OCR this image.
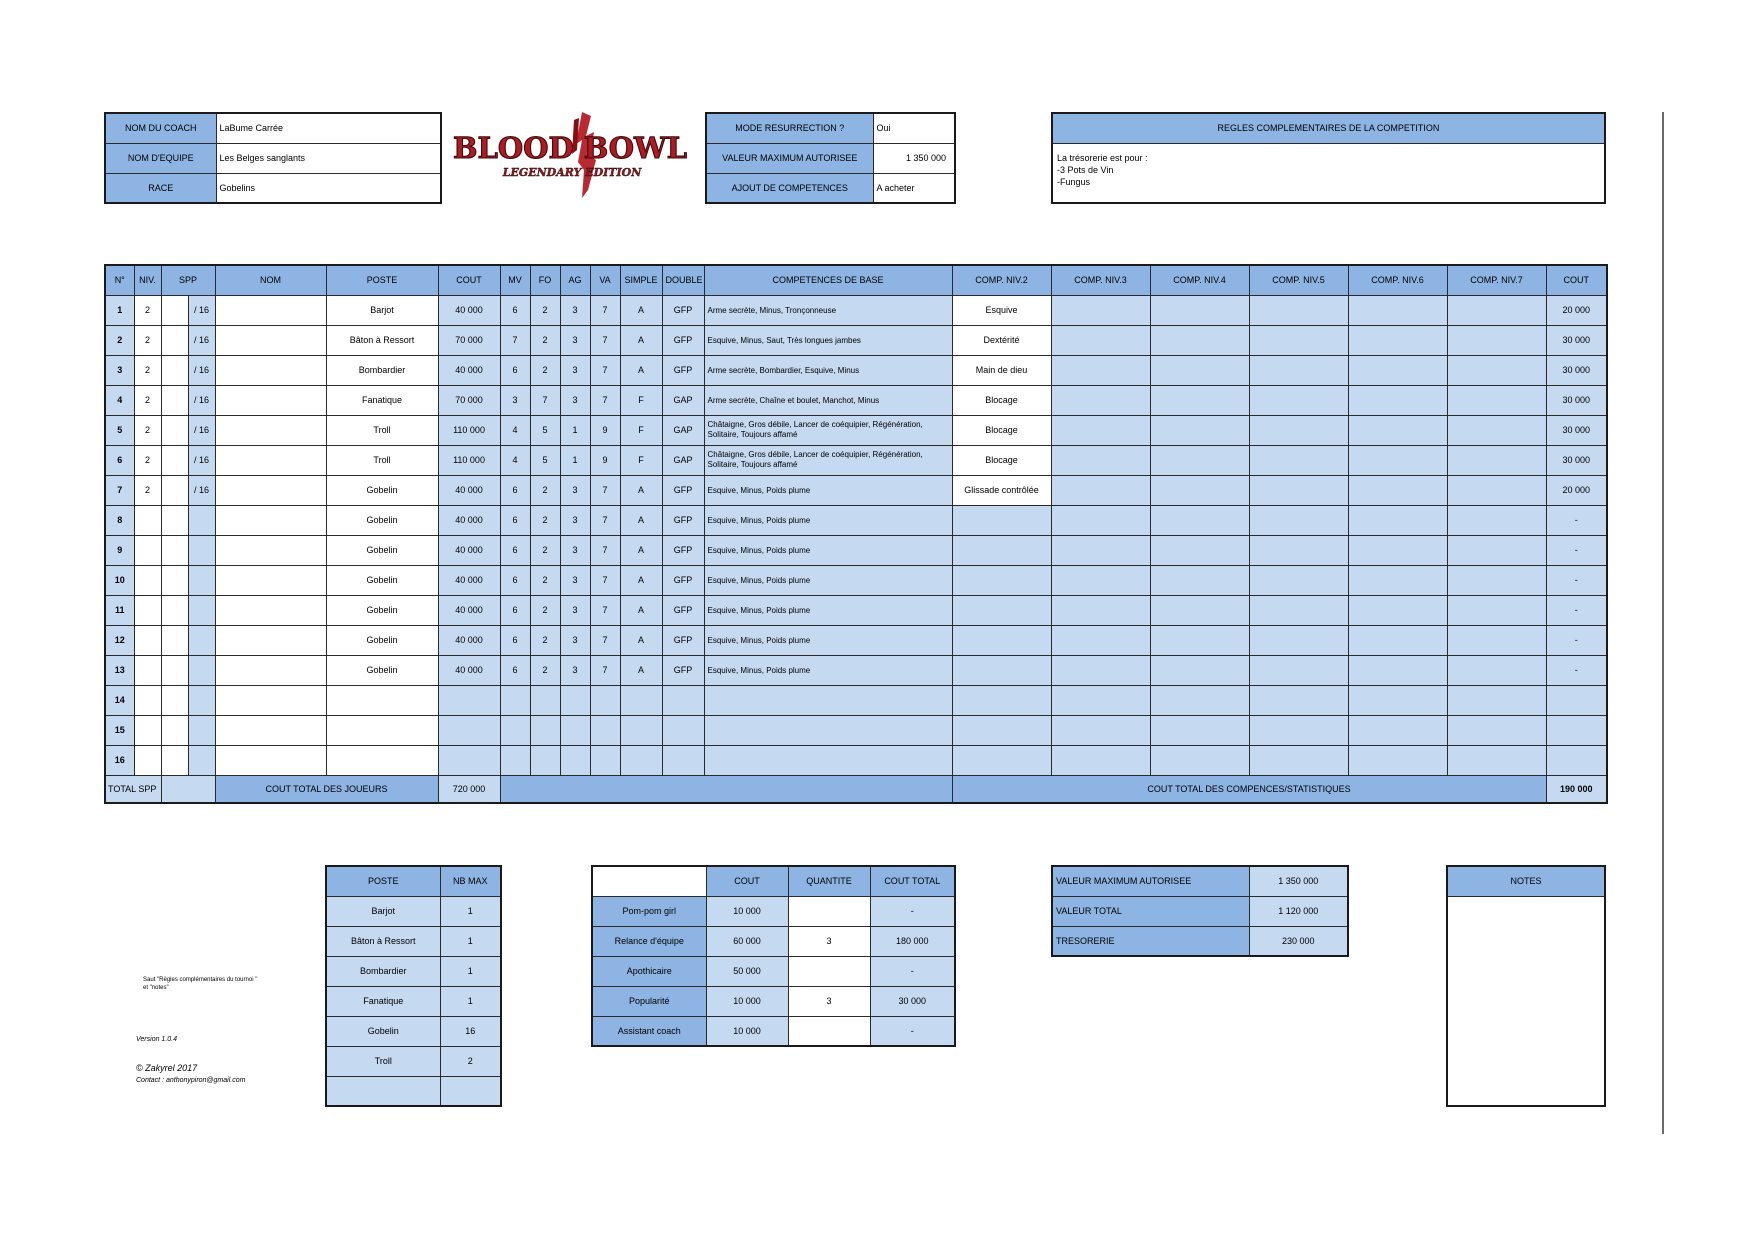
NOM DU COACH	LaBume Carrée
NOM D'EQUIPE	Les Belges sanglants
RACE	Gobelins
BLOOD BOWL
LEGENDARY EDITION
MODE RESURRECTION ?	Oui
VALEUR MAXIMUM AUTORISEE	1 350 000
AJOUT DE COMPETENCES	A acheter
REGLES COMPLEMENTAIRES DE LA COMPETITION

La trésorerie est pour :
-3 Pots de Vin
-Fungus
N°	NIV.	SPP		NOM	POSTE	COUT	MV	FO	AG	VA	SIMPLE	DOUBLE	COMPETENCES DE BASE	COMP. NIV.2	COMP. NIV.3	COMP. NIV.4	COMP. NIV.5	COMP. NIV.6	COMP. NIV.7	COUT
1	2		/ 16		Barjot	40 000	6	2	3	7	A	GFP	Arme secrète, Minus, Tronçonneuse	Esquive						20 000
2	2		/ 16		Bâton à Ressort	70 000	7	2	3	7	A	GFP	Esquive, Minus, Saut, Très longues jambes	Dextérité						30 000
3	2		/ 16		Bombardier	40 000	6	2	3	7	A	GFP	Arme secrète, Bombardier, Esquive, Minus	Main de dieu						30 000
4	2		/ 16		Fanatique	70 000	3	7	3	7	F	GAP	Arme secrète, Chaîne et boulet, Manchot, Minus	Blocage						30 000
5	2		/ 16		Troll	110 000	4	5	1	9	F	GAP	Châtaigne, Gros débile, Lancer de coéquipier, Régénération, Solitaire, Toujours affamé	Blocage						30 000
6	2		/ 16		Troll	110 000	4	5	1	9	F	GAP	Châtaigne, Gros débile, Lancer de coéquipier, Régénération, Solitaire, Toujours affamé	Blocage						30 000
7	2		/ 16		Gobelin	40 000	6	2	3	7	A	GFP	Esquive, Minus, Poids plume	Glissade contrôlée						20 000
8					Gobelin	40 000	6	2	3	7	A	GFP	Esquive, Minus, Poids plume							-
9					Gobelin	40 000	6	2	3	7	A	GFP	Esquive, Minus, Poids plume							-
10					Gobelin	40 000	6	2	3	7	A	GFP	Esquive, Minus, Poids plume							-
11					Gobelin	40 000	6	2	3	7	A	GFP	Esquive, Minus, Poids plume							-
12					Gobelin	40 000	6	2	3	7	A	GFP	Esquive, Minus, Poids plume							-
13					Gobelin	40 000	6	2	3	7	A	GFP	Esquive, Minus, Poids plume							-
14																				
15																				
16																				
TOTAL SPP				COUT TOTAL DES JOUEURS		720 000								COUT TOTAL DES COMPENCES/STATISTIQUES						190 000
POSTE	NB MAX
Barjot	1
Bâton à Ressort	1
Bombardier	1
Fanatique	1
Gobelin	16
Troll	2

	COUT	QUANTITE	COUT TOTAL
Pom-pom girl	10 000		-
Relance d'équipe	60 000	3	180 000
Apothicaire	50 000		-
Popularité	10 000	3	30 000
Assistant coach	10 000		-
VALEUR MAXIMUM AUTORISEE	1 350 000
VALEUR TOTAL	1 120 000
TRESORERIE	230 000
NOTES

Saut "Règles complémentaires du tournoi "
et "notes"
Version 1.0.4
© Zakyrel 2017
Contact : anthonypiron@gmail.com
